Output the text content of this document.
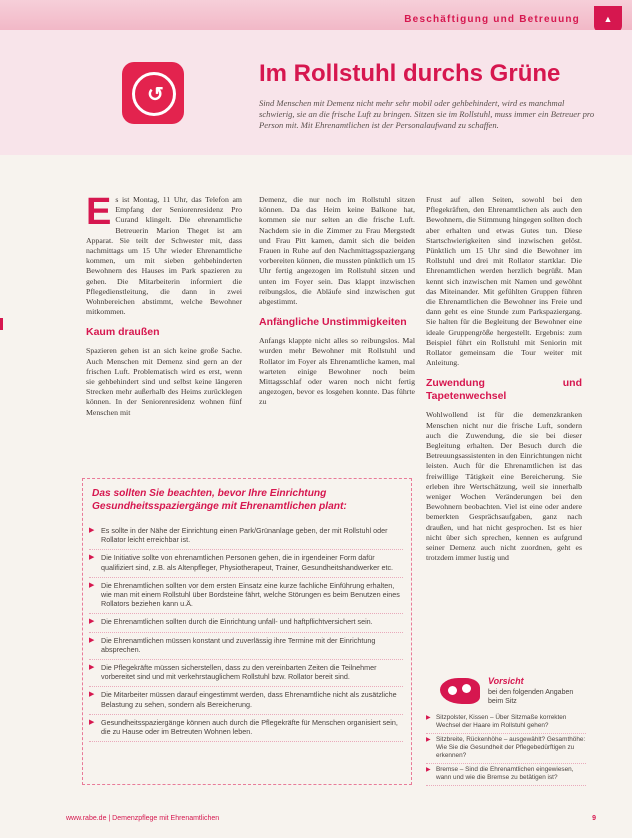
Beschäftigung und Betreuung	▲
↺
Im Rollstuhl durchs Grüne
Sind Menschen mit Demenz nicht mehr sehr mobil oder gehbehindert, wird es manchmal schwierig, sie an die frische Luft zu bringen. Sitzen sie im Rollstuhl, muss immer ein Betreuer pro Person mit. Mit Ehrenamtlichen ist der Personalaufwand zu schaffen.

E s ist Montag, 11 Uhr, das Telefon am Empfang der Seniorenresidenz Pro Curand klingelt. Die ehrenamtliche Betreuerin Marion Theget ist am Apparat. Sie teilt der Schwester mit, dass nachmittags um 15 Uhr wieder Ehrenamtliche kommen, um mit sieben gehbehinderten Bewohnern des Hauses im Park spazieren zu gehen. Die Mitarbeiterin informiert die Pflegedienstleitung, die dann in zwei Wohnbereichen abstimmt, welche Bewohner mitkommen.

Kaum draußen

Spazieren gehen ist an sich keine große Sache. Auch Menschen mit Demenz sind gern an der frischen Luft. Problematisch wird es erst, wenn sie gehbehindert sind und selbst keine längeren Strecken mehr außerhalb des Heims zurücklegen können. In der Seniorenresidenz wohnen fünf Menschen mit

Demenz, die nur noch im Rollstuhl sitzen können. Da das Heim keine Balkone hat, kommen sie nur selten an die frische Luft. Nachdem sie in die Zimmer zu Frau Mergstedt und Frau Pitt kamen, damit sich die beiden Frauen in Ruhe auf den Nachmittagsspaziergang vorbereiten können, die mussten pünktlich um 15 Uhr fertig angezogen im Rollstuhl sitzen und unten im Foyer sein. Das klappt inzwischen reibungslos, die Abläufe sind inzwischen gut abgestimmt.

Anfängliche Unstimmigkeiten

Anfangs klappte nicht alles so reibungslos. Mal wurden mehr Bewohner mit Rollstuhl und Rollator im Foyer als Ehrenamtliche kamen, mal warteten einige Bewohner noch beim Mittagsschlaf oder waren noch nicht fertig angezogen, bevor es losgehen konnte. Das führte zu

Frust auf allen Seiten, sowohl bei den Pflegekräften, den Ehrenamtlichen als auch den Bewohnern, die Stimmung hingegen sollten doch aber erhalten und etwas Gutes tun. Diese Startschwierigkeiten sind inzwischen gelöst. Pünktlich um 15 Uhr sind die Bewohner im Rollstuhl und drei mit Rollator startklar. Die Ehrenamtlichen werden herzlich begrüßt. Man kennt sich inzwischen mit Namen und gewöhnt das Miteinander. Mit gefühlten Gruppen führen die Ehrenamtlichen die Bewohner ins Freie und dann geht es eine Stunde zum Parkspaziergang. Sie halten für die Begleitung der Bewohner eine ideale Gruppengröße hergestellt. Ergebnis: zum Beispiel führt ein Rollstuhl mit Seniorin mit Rollator gemeinsam die Tour weiter mit Anleitung.

Zuwendung und Tapetenwechsel

Wohlwollend ist für die demenzkranken Menschen nicht nur die frische Luft, sondern auch die Zuwendung, die sie bei dieser Begleitung erhalten. Der Besuch durch die Betreuungsassistenten in den Einrichtungen nicht leisten. Auch für die Ehrenamtlichen ist das freiwillige Tätigkeit eine Bereicherung. Sie erleben ihre Wertschätzung, weil sie innerhalb weniger Wochen Veränderungen bei den Bewohnern beobachten. Viel ist eine oder andere bemerkten Gesprächsaufgaben, ganz nach draußen, und hat nicht gesprochen. Ist es hier nicht über sich sprechen, kennen es aufgrund seiner Demenz auch nicht zuordnen, geht es trotzdem immer lustig und

Das sollten Sie beachten, bevor Ihre Einrichtung Gesundheitsspaziergänge mit Ehrenamtlichen plant:
▶ Es sollte in der Nähe der Einrichtung einen Park/Grünanlage geben, der mit Rollstuhl oder Rollator leicht erreichbar ist.
▶ Die Initiative sollte von ehrenamtlichen Personen gehen, die in irgendeiner Form dafür qualifiziert sind, z.B. als Altenpfleger, Physiotherapeut, Trainer, Gesundheitshandwerker etc.
▶ Die Ehrenamtlichen sollten vor dem ersten Einsatz eine kurze fachliche Einführung erhalten, wie man mit einem Rollstuhl über Bordsteine fährt, welche Störungen es beim Benutzen eines Rollators beziehen kann u.Ä.
▶ Die Ehrenamtlichen sollten durch die Einrichtung unfall- und haftpflichtversichert sein.
▶ Die Ehrenamtlichen müssen konstant und zuverlässig ihre Termine mit der Einrichtung absprechen.
▶ Die Pflegekräfte müssen sicherstellen, dass zu den vereinbarten Zeiten die Teilnehmer vorbereitet sind und mit verkehrstauglichem Rollstuhl bzw. Rollator bereit sind.
▶ Die Mitarbeiter müssen darauf eingestimmt werden, dass Ehrenamtliche nicht als zusätzliche Belastung zu sehen, sondern als Bereicherung.
▶ Gesundheitsspaziergänge können auch durch die Pflegekräfte für Menschen organisiert sein, die zu Hause oder im Betreuten Wohnen leben.
Vorsicht
bei den folgenden Angaben beim Sitz
▶ Sitzpolster, Kissen – Über Sitzmaße korrekten Wechsel der Haare im Rollstuhl gehen?
▶ Sitzbreite, Rückenhöhe – ausgewählt? Gesamthöhe: Wie Sie die Gesundheit der Pflegebedürftigen zu erkennen?
▶ Bremse – Sind die Ehrenamtlichen eingewiesen, wann und wie die Bremse zu betätigen ist?
www.rabe.de | Demenzpflege mit Ehrenamtlichen	9
